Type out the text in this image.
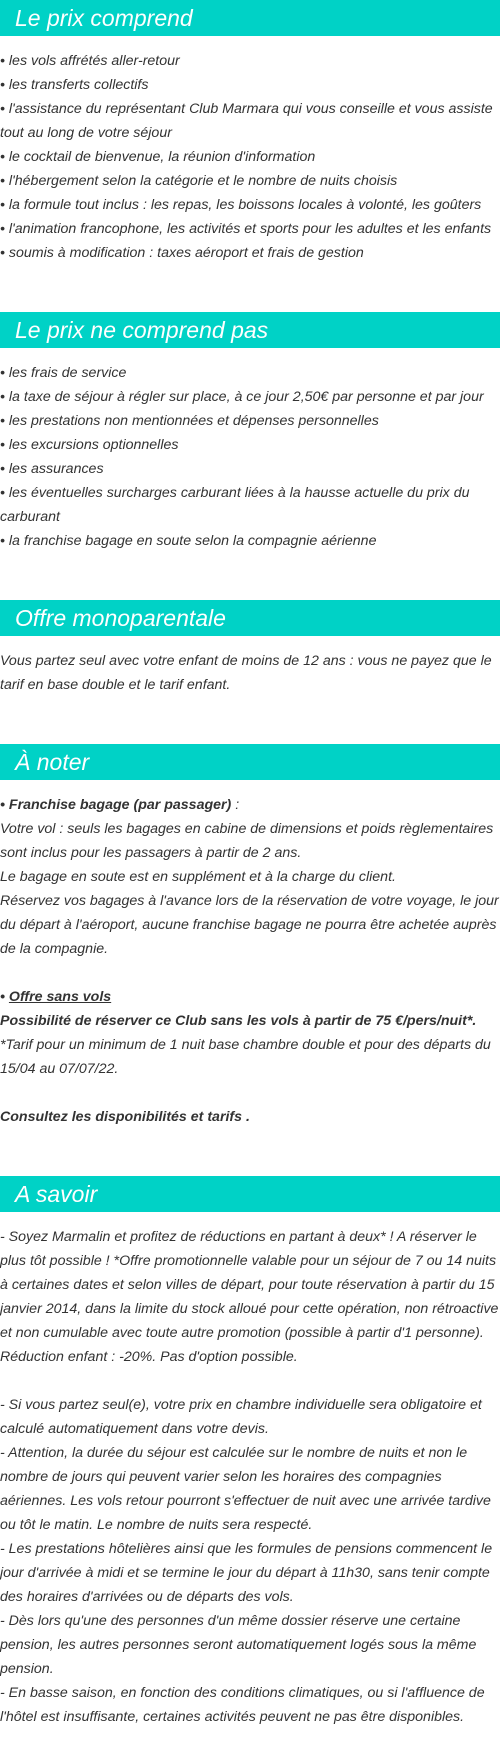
Le prix comprend
• les vols affrétés aller-retour
• les transferts collectifs
• l'assistance du représentant Club Marmara qui vous conseille et vous assiste tout au long de votre séjour
• le cocktail de bienvenue, la réunion d'information
• l'hébergement selon la catégorie et le nombre de nuits choisis
• la formule tout inclus : les repas, les boissons locales à volonté, les goûters
• l'animation francophone, les activités et sports pour les adultes et les enfants
• soumis à modification : taxes aéroport et frais de gestion
Le prix ne comprend pas
• les frais de service
• la taxe de séjour à régler sur place, à ce jour 2,50€ par personne et par jour
• les prestations non mentionnées et dépenses personnelles
• les excursions optionnelles
• les assurances
• les éventuelles surcharges carburant liées à la hausse actuelle du prix du carburant
• la franchise bagage en soute selon la compagnie aérienne
Offre monoparentale

Vous partez seul avec votre enfant de moins de 12 ans : vous ne payez que le tarif en base double et le tarif enfant.

À noter

• Franchise bagage (par passager) :

Votre vol : seuls les bagages en cabine de dimensions et poids règlementaires sont inclus pour les passagers à partir de 2 ans.

Le bagage en soute est en supplément et à la charge du client.

Réservez vos bagages à l'avance lors de la réservation de votre voyage, le jour du départ à l'aéroport, aucune franchise bagage ne pourra être achetée auprès de la compagnie.

• Offre sans vols

Possibilité de réserver ce Club sans les vols à partir de 75 €/pers/nuit*.

*Tarif pour un minimum de 1 nuit base chambre double et pour des départs du 15/04 au 07/07/22.

Consultez les disponibilités et tarifs .

A savoir

- Soyez Marmalin et profitez de réductions en partant à deux* ! A réserver le plus tôt possible ! *Offre promotionnelle valable pour un séjour de 7 ou 14 nuits à certaines dates et selon villes de départ, pour toute réservation à partir du 15 janvier 2014, dans la limite du stock alloué pour cette opération, non rétroactive et non cumulable avec toute autre promotion (possible à partir d'1 personne). Réduction enfant : -20%. Pas d'option possible.

- Si vous partez seul(e), votre prix en chambre individuelle sera obligatoire et calculé automatiquement dans votre devis.

- Attention, la durée du séjour est calculée sur le nombre de nuits et non le nombre de jours qui peuvent varier selon les horaires des compagnies aériennes. Les vols retour pourront s'effectuer de nuit avec une arrivée tardive ou tôt le matin. Le nombre de nuits sera respecté.

- Les prestations hôtelières ainsi que les formules de pensions commencent le jour d'arrivée à midi et se termine le jour du départ à 11h30, sans tenir compte des horaires d'arrivées ou de départs des vols.

- Dès lors qu'une des personnes d'un même dossier réserve une certaine pension, les autres personnes seront automatiquement logés sous la même pension.

- En basse saison, en fonction des conditions climatiques, ou si l'affluence de l'hôtel est insuffisante, certaines activités peuvent ne pas être disponibles.
